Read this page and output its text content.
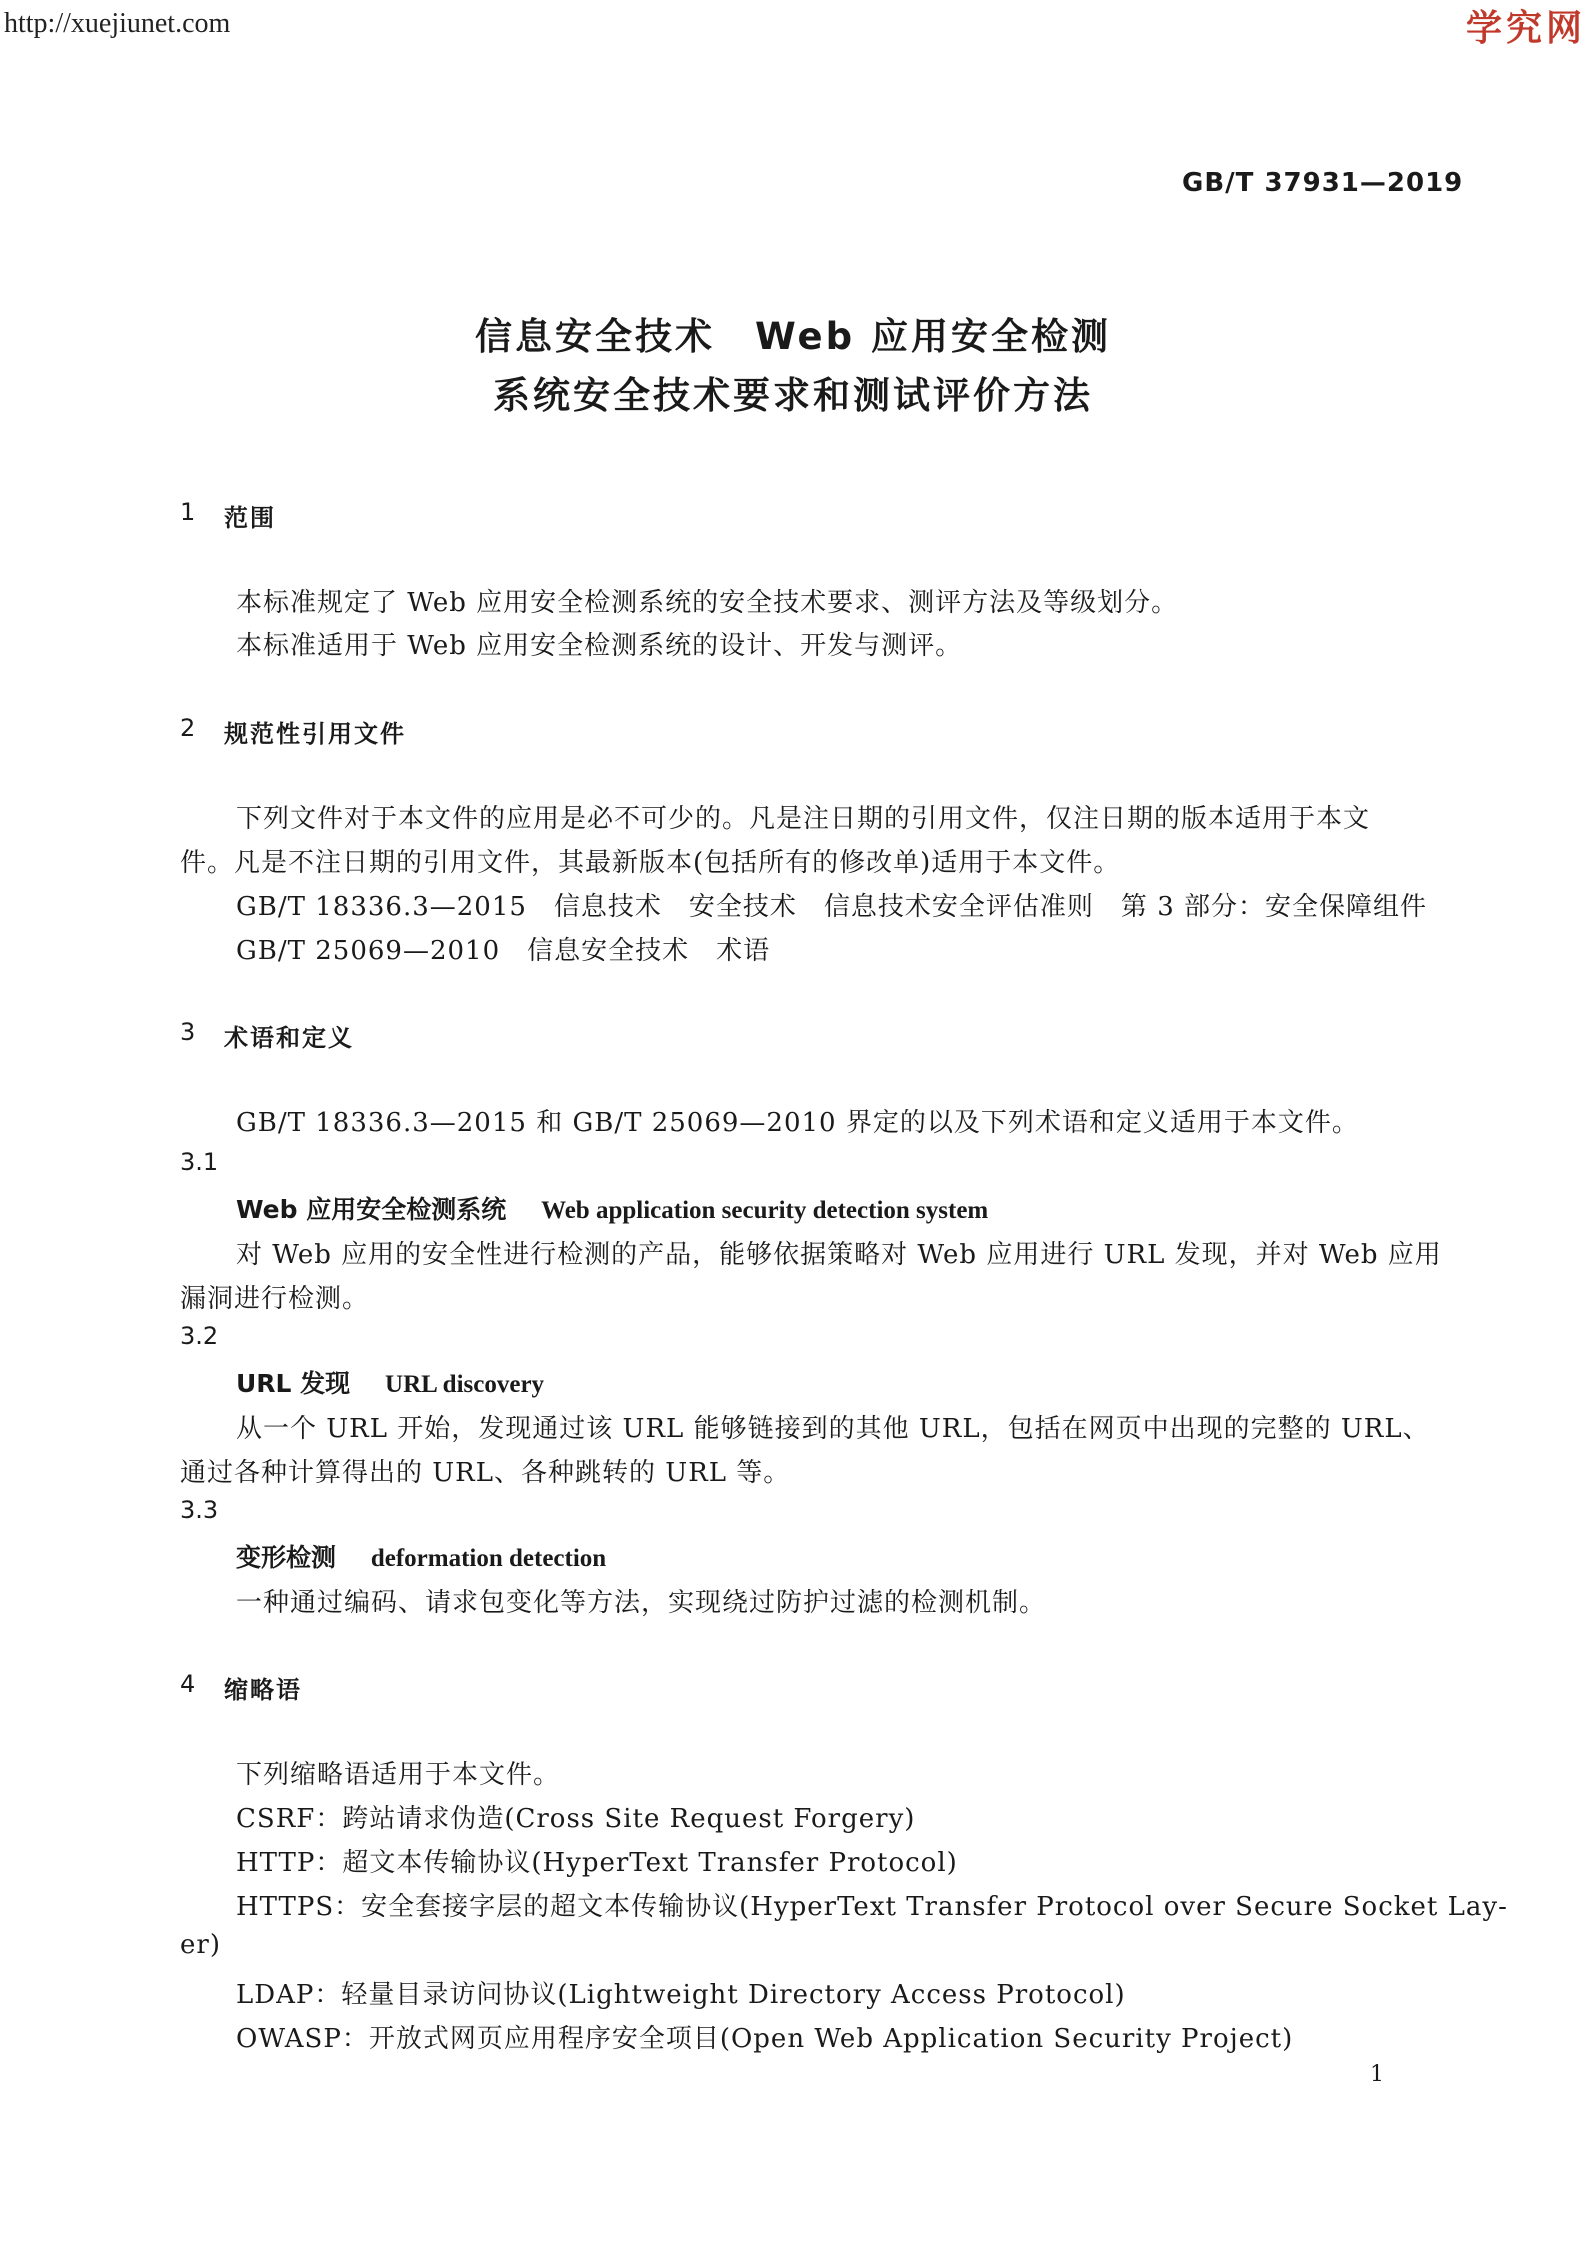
http://xuejiunet.com	学究网
GB/T 37931—2019
信息安全技术　Web 应用安全检测
系统安全技术要求和测试评价方法
1 范围
本标准规定了 Web 应用安全检测系统的安全技术要求、测评方法及等级划分。
本标准适用于 Web 应用安全检测系统的设计、开发与测评。
2 规范性引用文件
下列文件对于本文件的应用是必不可少的。凡是注日期的引用文件，仅注日期的版本适用于本文
件。凡是不注日期的引用文件，其最新版本(包括所有的修改单)适用于本文件。
GB/T 18336.3—2015　信息技术　安全技术　信息技术安全评估准则　第 3 部分：安全保障组件
GB/T 25069—2010　信息安全技术　术语
3 术语和定义
GB/T 18336.3—2015 和 GB/T 25069—2010 界定的以及下列术语和定义适用于本文件。
3.1
Web 应用安全检测系统 Web application security detection system
对 Web 应用的安全性进行检测的产品，能够依据策略对 Web 应用进行 URL 发现，并对 Web 应用
漏洞进行检测。
3.2
URL 发现 URL discovery
从一个 URL 开始，发现通过该 URL 能够链接到的其他 URL，包括在网页中出现的完整的 URL、
通过各种计算得出的 URL、各种跳转的 URL 等。
3.3
变形检测 deformation detection
一种通过编码、请求包变化等方法，实现绕过防护过滤的检测机制。
4 缩略语
下列缩略语适用于本文件。
CSRF：跨站请求伪造(Cross Site Request Forgery)
HTTP：超文本传输协议(HyperText Transfer Protocol)
HTTPS：安全套接字层的超文本传输协议(HyperText Transfer Protocol over Secure Socket Lay-
er)
LDAP：轻量目录访问协议(Lightweight Directory Access Protocol)
OWASP：开放式网页应用程序安全项目(Open Web Application Security Project)
1
